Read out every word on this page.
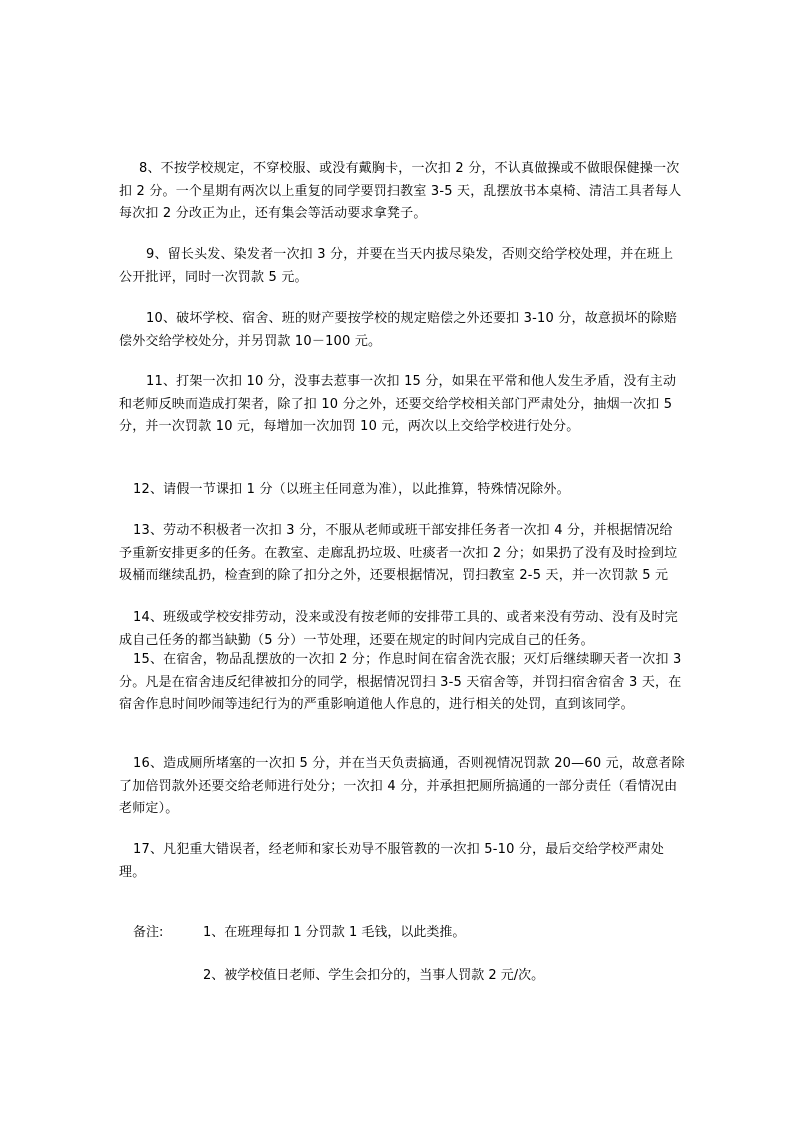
8、不按学校规定，不穿校服、或没有戴胸卡，一次扣 2 分，不认真做操或不做眼保健操一次扣 2 分。一个星期有两次以上重复的同学要罚扫教室 3-5 天，乱摆放书本桌椅、清洁工具者每人每次扣 2 分改正为止，还有集会等活动要求拿凳子。

9、留长头发、染发者一次扣 3 分，并要在当天内拔尽染发，否则交给学校处理，并在班上公开批评，同时一次罚款 5 元。

10、破坏学校、宿舍、班的财产要按学校的规定赔偿之外还要扣 3-10 分，故意损坏的除赔偿外交给学校处分，并另罚款 10－100 元。

11、打架一次扣 10 分，没事去惹事一次扣 15 分，如果在平常和他人发生矛盾，没有主动和老师反映而造成打架者，除了扣 10 分之外，还要交给学校相关部门严肃处分，抽烟一次扣 5 分，并一次罚款 10 元，每增加一次加罚 10 元，两次以上交给学校进行处分。

12、请假一节课扣 1 分（以班主任同意为准），以此推算，特殊情况除外。

13、劳动不积极者一次扣 3 分，不服从老师或班干部安排任务者一次扣 4 分，并根据情况给予重新安排更多的任务。在教室、走廊乱扔垃圾、吐痰者一次扣 2 分；如果扔了没有及时捡到垃圾桶而继续乱扔，检查到的除了扣分之外，还要根据情况，罚扫教室 2-5 天，并一次罚款 5 元

14、班级或学校安排劳动，没来或没有按老师的安排带工具的、或者来没有劳动、没有及时完成自己任务的都当缺勤（5 分）一节处理，还要在规定的时间内完成自己的任务。

15、在宿舍，物品乱摆放的一次扣 2 分；作息时间在宿舍洗衣服；灭灯后继续聊天者一次扣 3 分。凡是在宿舍违反纪律被扣分的同学，根据情况罚扫 3-5 天宿舍等，并罚扫宿舍宿舍 3 天，在宿舍作息时间吵闹等违纪行为的严重影响道他人作息的，进行相关的处罚，直到该同学。

16、造成厕所堵塞的一次扣 5 分，并在当天负责搞通，否则视情况罚款 20—60 元，故意者除了加倍罚款外还要交给老师进行处分；一次扣 4 分，并承担把厕所搞通的一部分责任（看情况由老师定）。

17、凡犯重大错误者，经老师和家长劝导不服管教的一次扣 5-10 分，最后交给学校严肃处理。

备注:	1、在班理每扣 1 分罚款 1 毛钱，以此类推。

2、被学校值日老师、学生会扣分的，当事人罚款 2 元/次。
